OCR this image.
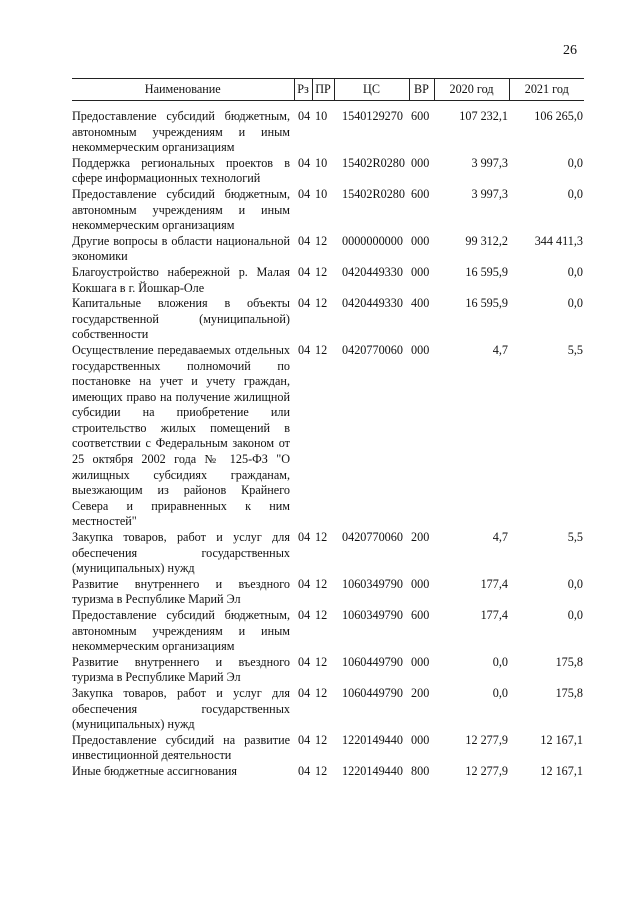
26
Наименование	Рз	ПР	ЦС	ВР	2020 год	2021 год
Предоставление субсидий бюджетным, автономным учреждениям и иным некоммерческим организациям	04	10	1540129270	600	107 232,1	106 265,0
Поддержка региональных проектов в сфере информационных технологий	04	10	15402R0280	000	3 997,3	0,0
Предоставление субсидий бюджетным, автономным учреждениям и иным некоммерческим организациям	04	10	15402R0280	600	3 997,3	0,0
Другие вопросы в области национальной экономики	04	12	0000000000	000	99 312,2	344 411,3
Благоустройство набережной р. Малая Кокшага в г. Йошкар-Оле	04	12	0420449330	000	16 595,9	0,0
Капитальные вложения в объекты государственной (муниципальной) собственности	04	12	0420449330	400	16 595,9	0,0
Осуществление передаваемых отдельных государственных полномочий по постановке на учет и учету граждан, имеющих право на получение жилищной субсидии на приобретение или строительство жилых помещений в соответствии с Федеральным законом от 25 октября 2002 года № 125-ФЗ "О жилищных субсидиях гражданам, выезжающим из районов Крайнего Севера и приравненных к ним местностей"	04	12	0420770060	000	4,7	5,5
Закупка товаров, работ и услуг для обеспечения государственных (муниципальных) нужд	04	12	0420770060	200	4,7	5,5
Развитие внутреннего и въездного туризма в Республике Марий Эл	04	12	1060349790	000	177,4	0,0
Предоставление субсидий бюджетным, автономным учреждениям и иным некоммерческим организациям	04	12	1060349790	600	177,4	0,0
Развитие внутреннего и въездного туризма в Республике Марий Эл	04	12	1060449790	000	0,0	175,8
Закупка товаров, работ и услуг для обеспечения государственных (муниципальных) нужд	04	12	1060449790	200	0,0	175,8
Предоставление субсидий на развитие инвестиционной деятельности	04	12	1220149440	000	12 277,9	12 167,1
Иные бюджетные ассигнования	04	12	1220149440	800	12 277,9	12 167,1
